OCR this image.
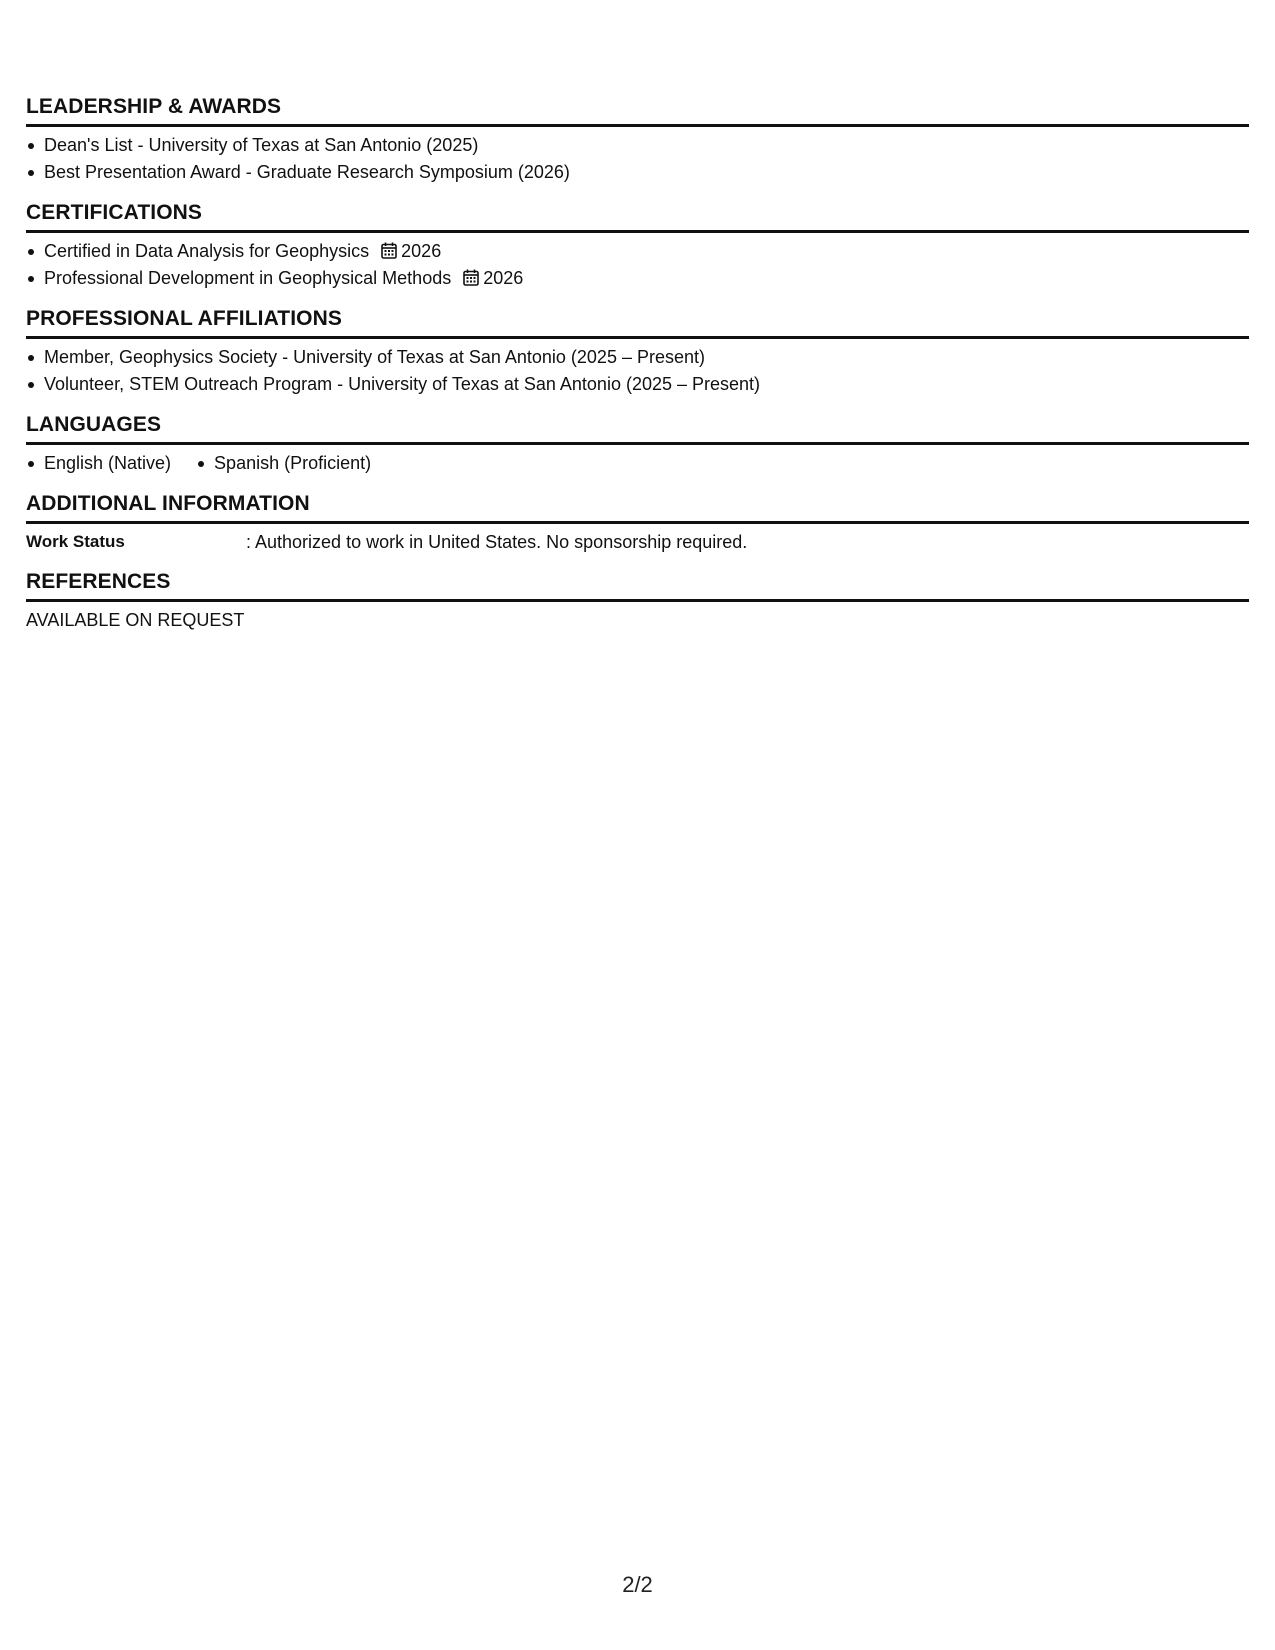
LEADERSHIP & AWARDS
Dean's List - University of Texas at San Antonio (2025)
Best Presentation Award - Graduate Research Symposium (2026)
CERTIFICATIONS
Certified in Data Analysis for Geophysics 2026
Professional Development in Geophysical Methods 2026
PROFESSIONAL AFFILIATIONS
Member, Geophysics Society - University of Texas at San Antonio (2025 – Present)
Volunteer, STEM Outreach Program - University of Texas at San Antonio (2025 – Present)
LANGUAGES
English (Native)	Spanish (Proficient)
ADDITIONAL INFORMATION
Work Status	: Authorized to work in United States. No sponsorship required.
REFERENCES

AVAILABLE ON REQUEST

2/2
